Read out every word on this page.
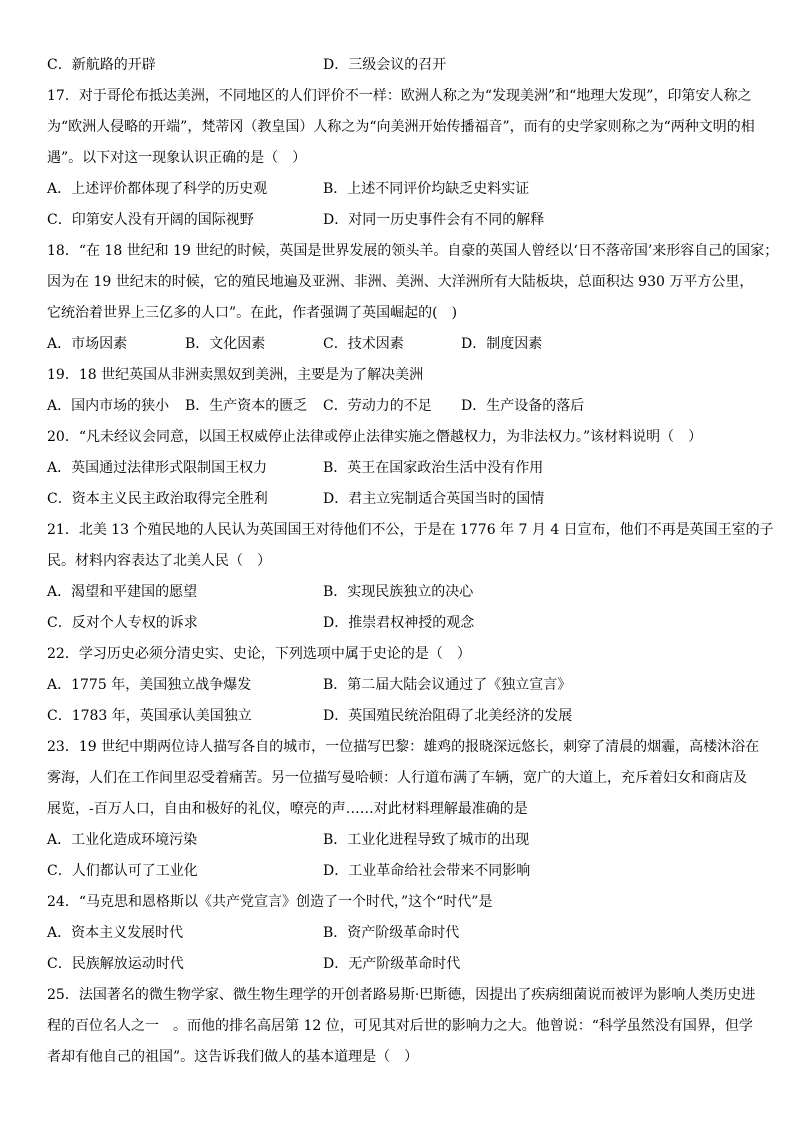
C．新航路的开辟	D．三级会议的召开
17．对于哥伦布抵达美洲，不同地区的人们评价不一样：欧洲人称之为“发现美洲”和“地理大发现”，印第安人称之
为“欧洲人侵略的开端”，梵蒂冈（教皇国）人称之为“向美洲开始传播福音”，而有的史学家则称之为“两种文明的相
遇”。以下对这一现象认识正确的是（　）
A．上述评价都体现了科学的历史观	B．上述不同评价均缺乏史料实证
C．印第安人没有开阔的国际视野	D．对同一历史事件会有不同的解释
18．“在 18 世纪和 19 世纪的时候，英国是世界发展的领头羊。自豪的英国人曾经以‘日不落帝国’来形容自己的国家；
因为在 19 世纪末的时候，它的殖民地遍及亚洲、非洲、美洲、大洋洲所有大陆板块，总面积达 930 万平方公里，
它统治着世界上三亿多的人口”。在此，作者强调了英国崛起的(　)
A．市场因素	B．文化因素	C．技术因素	D．制度因素
19．18 世纪英国从非洲卖黑奴到美洲，主要是为了解决美洲
A．国内市场的狭小 B．生产资本的匮乏 C．劳动力的不足 D．生产设备的落后
20．“凡未经议会同意，以国王权威停止法律或停止法律实施之僭越权力，为非法权力。”该材料说明（　）
A．英国通过法律形式限制国王权力	B．英王在国家政治生活中没有作用
C．资本主义民主政治取得完全胜利	D．君主立宪制适合英国当时的国情
21．北美 13 个殖民地的人民认为英国国王对待他们不公，于是在 1776 年 7 月 4 日宣布，他们不再是英国王室的子
民。材料内容表达了北美人民（　）
A．渴望和平建国的愿望	B．实现民族独立的决心
C．反对个人专权的诉求	D．推崇君权神授的观念
22．学习历史必须分清史实、史论，下列选项中属于史论的是（　）
A．1775 年，美国独立战争爆发	B．第二届大陆会议通过了《独立宣言》
C．1783 年，英国承认美国独立	D．英国殖民统治阻碍了北美经济的发展
23．19 世纪中期两位诗人描写各自的城市，一位描写巴黎：雄鸡的报晓深远悠长，刺穿了清晨的烟霾，高楼沐浴在
雾海，人们在工作间里忍受着痛苦。另一位描写曼哈顿：人行道布满了车辆，宽广的大道上，充斥着妇女和商店及
展览，-百万人口，自由和极好的礼仪，嘹亮的声……对此材料理解最准确的是
A．工业化造成环境污染	B．工业化进程导致了城市的出现
C．人们都认可了工业化	D．工业革命给社会带来不同影响
24．“马克思和恩格斯以《共产党宣言》创造了一个时代，”这个“时代”是
A．资本主义发展时代	B．资产阶级革命时代
C．民族解放运动时代	D．无产阶级革命时代
25．法国著名的微生物学家、微生物生理学的开创者路易斯·巴斯德，因提出了疾病细菌说而被评为影响人类历史进
程的百位名人之一　。而他的排名高居第 12 位，可见其对后世的影响力之大。他曾说：“科学虽然没有国界，但学
者却有他自己的祖国”。这告诉我们做人的基本道理是（　）
